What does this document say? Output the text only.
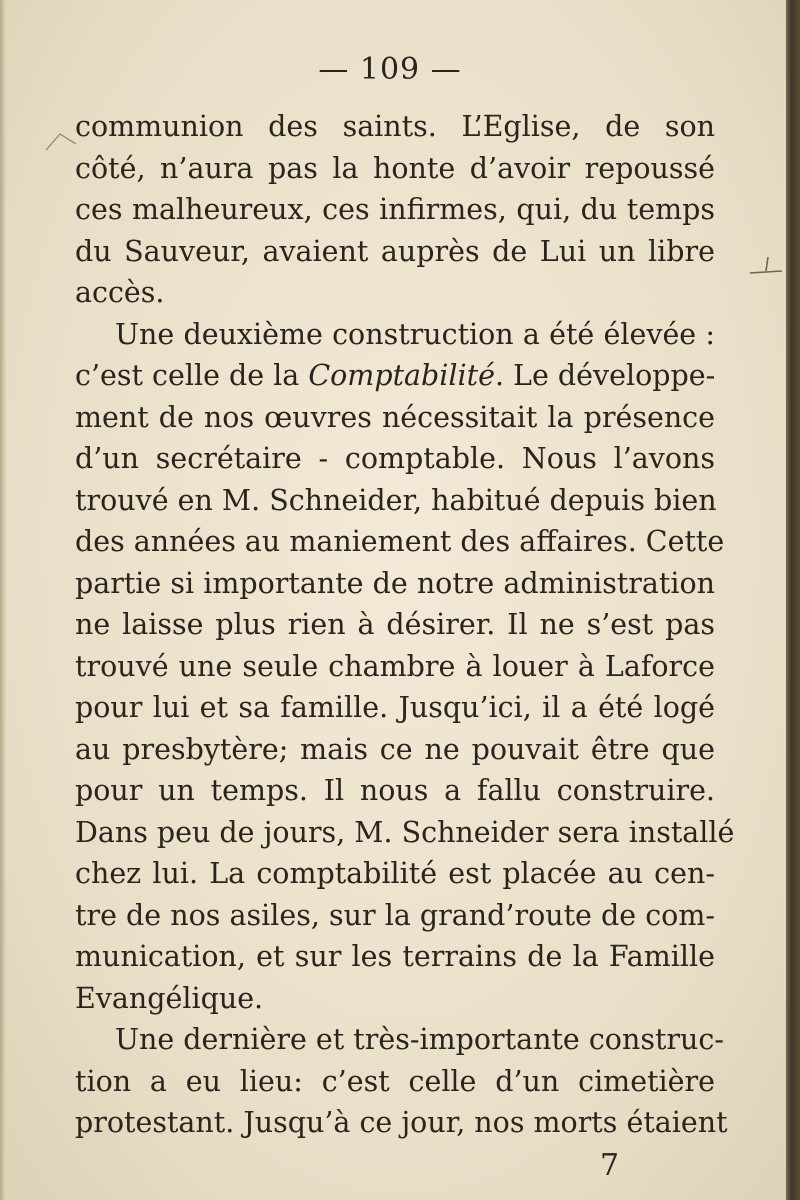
— 109 —
communion des saints. L’Eglise, de son
côté, n’aura pas la honte d’avoir repoussé
ces malheureux, ces infirmes, qui, du temps
du Sauveur, avaient auprès de Lui un libre
accès.
Une deuxième construction a été élevée :
c’est celle de la Comptabilité. Le développe-
ment de nos œuvres nécessitait la présence
d’un secrétaire - comptable. Nous l’avons
trouvé en M. Schneider, habitué depuis bien
des années au maniement des affaires. Cette
partie si importante de notre administration
ne laisse plus rien à désirer. Il ne s’est pas
trouvé une seule chambre à louer à Laforce
pour lui et sa famille. Jusqu’ici, il a été logé
au presbytère; mais ce ne pouvait être que
pour un temps. Il nous a fallu construire.
Dans peu de jours, M. Schneider sera installé
chez lui. La comptabilité est placée au cen-
tre de nos asiles, sur la grand’route de com-
munication, et sur les terrains de la Famille
Evangélique.
Une dernière et très-importante construc-
tion a eu lieu: c’est celle d’un cimetière
protestant. Jusqu’à ce jour, nos morts étaient
7
